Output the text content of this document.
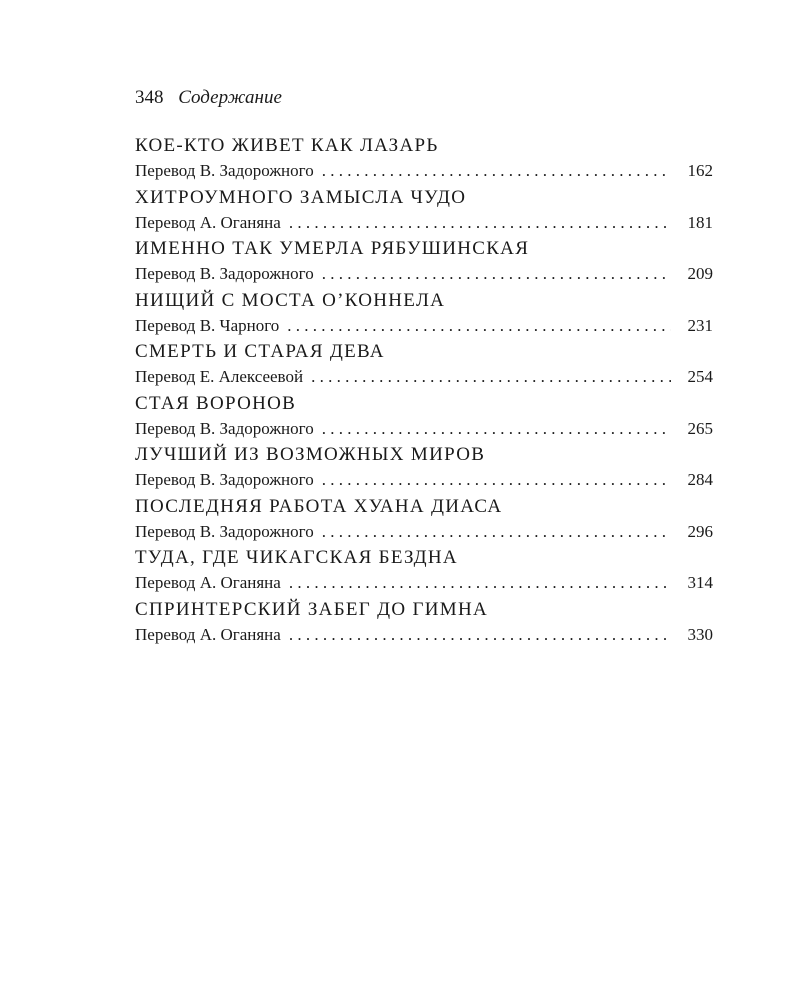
348 Содержание
КОЕ-КТО ЖИВЕТ КАК ЛАЗАРЬ
Перевод В. Задорожного . . .	162
ХИТРОУМНОГО ЗАМЫСЛА ЧУДО
Перевод А. Оганяна . . .	181
ИМЕННО ТАК УМЕРЛА РЯБУШИНСКАЯ
Перевод В. Задорожного . . .	209
НИЩИЙ С МОСТА О’КОННЕЛА
Перевод В. Чарного . . .	231
СМЕРТЬ И СТАРАЯ ДЕВА
Перевод Е. Алексеевой . . .	254
СТАЯ ВОРОНОВ
Перевод В. Задорожного . . .	265
ЛУЧШИЙ ИЗ ВОЗМОЖНЫХ МИРОВ
Перевод В. Задорожного . . .	284
ПОСЛЕДНЯЯ РАБОТА ХУАНА ДИАСА
Перевод В. Задорожного . . .	296
ТУДА, ГДЕ ЧИКАГСКАЯ БЕЗДНА
Перевод А. Оганяна . . .	314
СПРИНТЕРСКИЙ ЗАБЕГ ДО ГИМНА
Перевод А. Оганяна . . .	330
